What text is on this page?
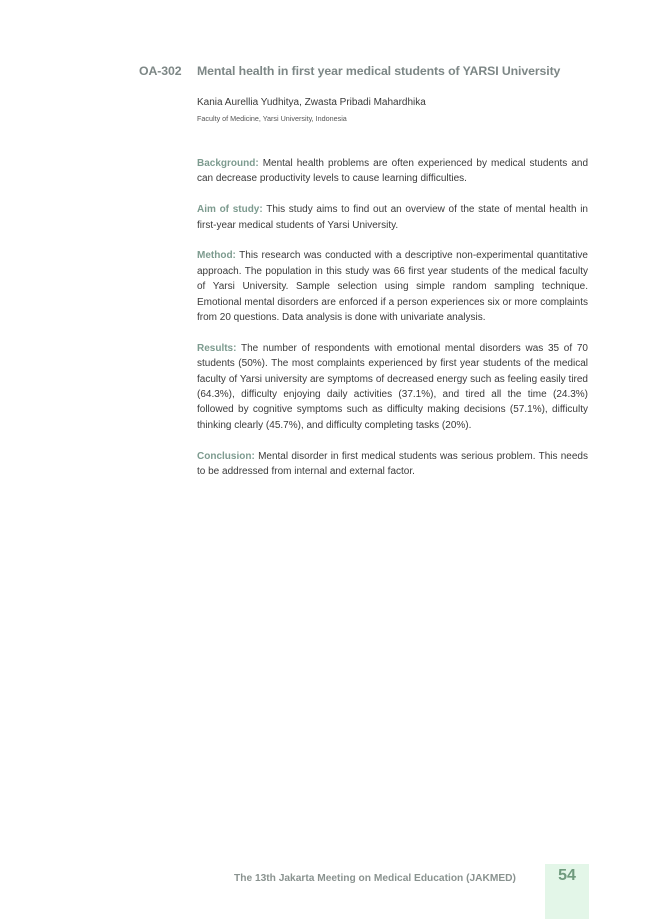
OA-302 Mental health in first year medical students of YARSI University
Kania Aurellia Yudhitya, Zwasta Pribadi Mahardhika
Faculty of Medicine, Yarsi University, Indonesia

Background: Mental health problems are often experienced by medical students and can decrease productivity levels to cause learning difficulties.

Aim of study: This study aims to find out an overview of the state of mental health in first-year medical students of Yarsi University.

Method: This research was conducted with a descriptive non-experimental quantitative approach. The population in this study was 66 first year students of the medical faculty of Yarsi University. Sample selection using simple random sampling technique. Emotional mental disorders are enforced if a person experiences six or more complaints from 20 questions. Data analysis is done with univariate analysis.

Results: The number of respondents with emotional mental disorders was 35 of 70 students (50%). The most complaints experienced by first year students of the medical faculty of Yarsi university are symptoms of decreased energy such as feeling easily tired (64.3%), difficulty enjoying daily activities (37.1%), and tired all the time (24.3%) followed by cognitive symptoms such as difficulty making decisions (57.1%), difficulty thinking clearly (45.7%), and difficulty completing tasks (20%).

Conclusion: Mental disorder in first medical students was serious problem. This needs to be addressed from internal and external factor.

The 13th Jakarta Meeting on Medical Education (JAKMED)	54
